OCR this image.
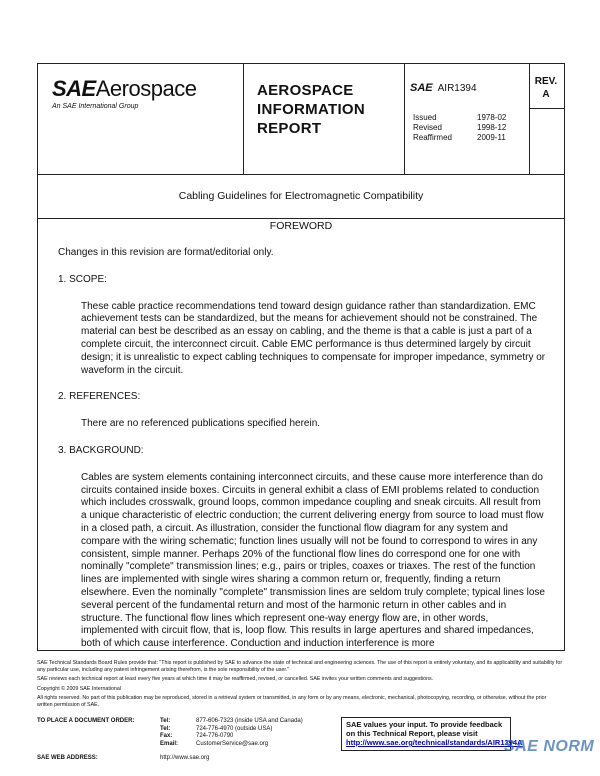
SAEAerospace
An SAE International Group
AEROSPACE
INFORMATION
REPORT
SAE AIR1394
Issued	1978-02
Revised	1998-12
Reaffirmed	2009-11
REV.
A
Cabling Guidelines for Electromagnetic Compatibility
FOREWORD

Changes in this revision are format/editorial only.

1. SCOPE:

These cable practice recommendations tend toward design guidance rather than standardization. EMC achievement tests can be standardized, but the means for achievement should not be constrained. The material can best be described as an essay on cabling, and the theme is that a cable is just a part of a complete circuit, the interconnect circuit. Cable EMC performance is thus determined largely by circuit design; it is unrealistic to expect cabling techniques to compensate for improper impedance, symmetry or waveform in the circuit.

2. REFERENCES:

There are no referenced publications specified herein.

3. BACKGROUND:

Cables are system elements containing interconnect circuits, and these cause more interference than do circuits contained inside boxes. Circuits in general exhibit a class of EMI problems related to conduction which includes crosswalk, ground loops, common impedance coupling and sneak circuits. All result from a unique characteristic of electric conduction; the current delivering energy from source to load must flow in a closed path, a circuit. As illustration, consider the functional flow diagram for any system and compare with the wiring schematic; function lines usually will not be found to correspond to wires in any consistent, simple manner. Perhaps 20% of the functional flow lines do correspond one for one with nominally "complete" transmission lines; e.g., pairs or triples, coaxes or triaxes. The rest of the function lines are implemented with single wires sharing a common return or, frequently, finding a return elsewhere. Even the nominally "complete" transmission lines are seldom truly complete; typical lines lose several percent of the fundamental return and most of the harmonic return in other cables and in structure. The functional flow lines which represent one-way energy flow are, in other words, implemented with circuit flow, that is, loop flow. This results in large apertures and shared impedances, both of which cause interference. Conduction and induction interference is more

SAE Technical Standards Board Rules provide that: "This report is published by SAE to advance the state of technical and engineering sciences. The use of this report is entirely voluntary, and its applicability and suitability for any particular use, including any patent infringement arising therefrom, is the sole responsibility of the user."

SAE reviews each technical report at least every five years at which time it may be reaffirmed, revised, or cancelled. SAE invites your written comments and suggestions.

Copyright © 2009 SAE International

All rights reserved. No part of this publication may be reproduced, stored in a retrieval system or transmitted, in any form or by any means, electronic, mechanical, photocopying, recording, or otherwise, without the prior written permission of SAE.

TO PLACE A DOCUMENT ORDER:	Tel:	877-606-7323 (inside USA and Canada)
Tel:	724-776-4970 (outside USA)
Fax:	724-776-0790
Email:	CustomerService@sae.org
SAE WEB ADDRESS:	http://www.sae.org
SAE values your input. To provide feedback
on this Technical Report, please visit
http://www.sae.org/technical/standards/AIR1394A
SAE NORM
